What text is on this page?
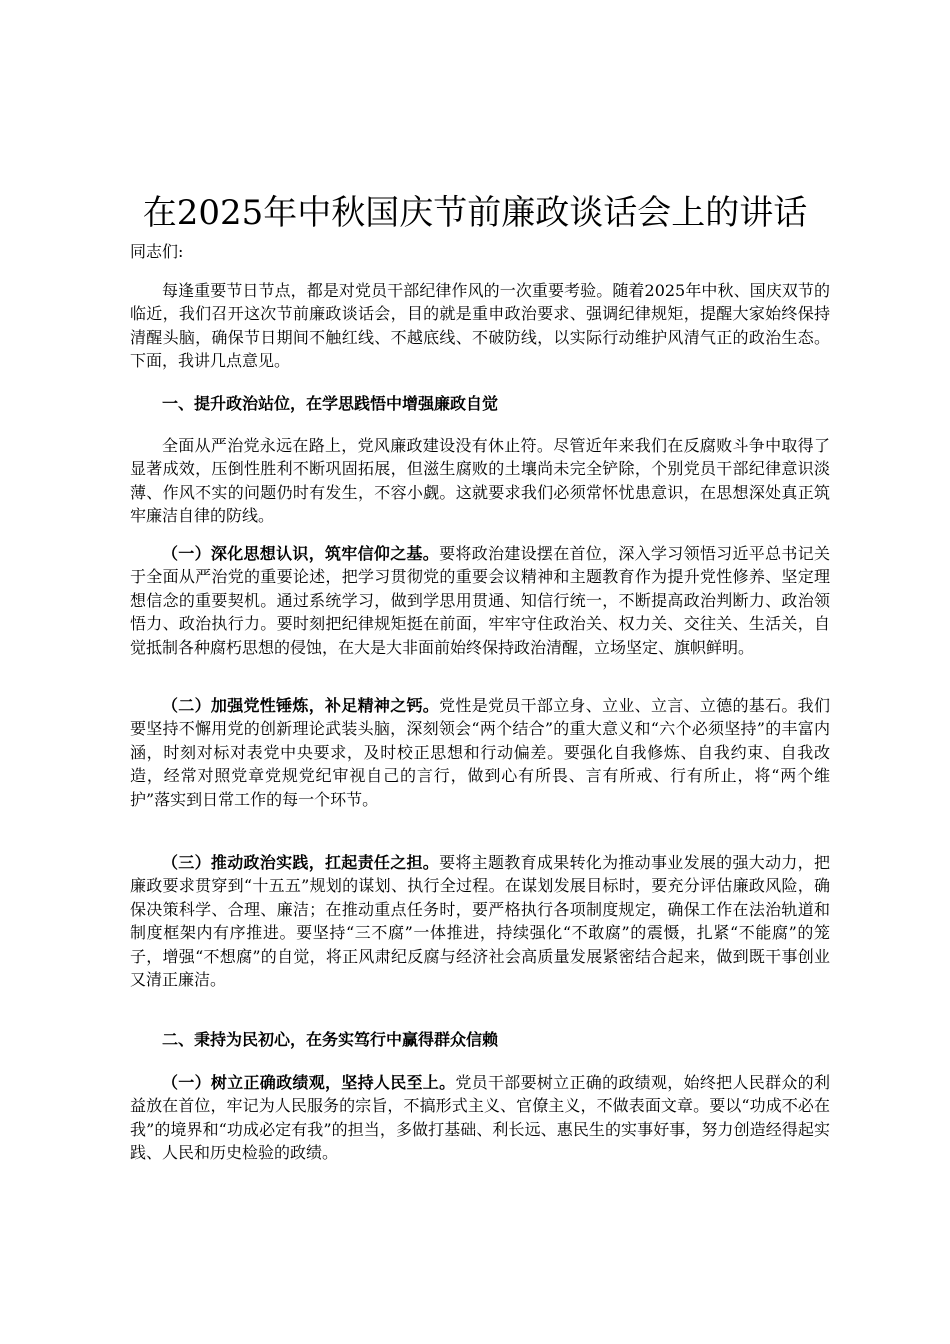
在2025年中秋国庆节前廉政谈话会上的讲话
同志们:

每逢重要节日节点，都是对党员干部纪律作风的一次重要考验。随着2025年中秋、国庆双节的临近，我们召开这次节前廉政谈话会，目的就是重申政治要求、强调纪律规矩，提醒大家始终保持清醒头脑，确保节日期间不触红线、不越底线、不破防线，以实际行动维护风清气正的政治生态。下面，我讲几点意见。

一、提升政治站位，在学思践悟中增强廉政自觉

全面从严治党永远在路上，党风廉政建设没有休止符。尽管近年来我们在反腐败斗争中取得了显著成效，压倒性胜利不断巩固拓展，但滋生腐败的土壤尚未完全铲除，个别党员干部纪律意识淡薄、作风不实的问题仍时有发生，不容小觑。这就要求我们必须常怀忧患意识，在思想深处真正筑牢廉洁自律的防线。

（一）深化思想认识，筑牢信仰之基。要将政治建设摆在首位，深入学习领悟习近平总书记关于全面从严治党的重要论述，把学习贯彻党的重要会议精神和主题教育作为提升党性修养、坚定理想信念的重要契机。通过系统学习，做到学思用贯通、知信行统一，不断提高政治判断力、政治领悟力、政治执行力。要时刻把纪律规矩挺在前面，牢牢守住政治关、权力关、交往关、生活关，自觉抵制各种腐朽思想的侵蚀，在大是大非面前始终保持政治清醒，立场坚定、旗帜鲜明。

（二）加强党性锤炼，补足精神之钙。党性是党员干部立身、立业、立言、立德的基石。我们要坚持不懈用党的创新理论武装头脑，深刻领会“两个结合”的重大意义和“六个必须坚持”的丰富内涵，时刻对标对表党中央要求，及时校正思想和行动偏差。要强化自我修炼、自我约束、自我改造，经常对照党章党规党纪审视自己的言行，做到心有所畏、言有所戒、行有所止，将“两个维护”落实到日常工作的每一个环节。

（三）推动政治实践，扛起责任之担。要将主题教育成果转化为推动事业发展的强大动力，把廉政要求贯穿到“十五五”规划的谋划、执行全过程。在谋划发展目标时，要充分评估廉政风险，确保决策科学、合理、廉洁；在推动重点任务时，要严格执行各项制度规定，确保工作在法治轨道和制度框架内有序推进。要坚持“三不腐”一体推进，持续强化“不敢腐”的震慑，扎紧“不能腐”的笼子，增强“不想腐”的自觉，将正风肃纪反腐与经济社会高质量发展紧密结合起来，做到既干事创业又清正廉洁。

二、秉持为民初心，在务实笃行中赢得群众信赖

（一）树立正确政绩观，坚持人民至上。党员干部要树立正确的政绩观，始终把人民群众的利益放在首位，牢记为人民服务的宗旨，不搞形式主义、官僚主义，不做表面文章。要以“功成不必在我”的境界和“功成必定有我”的担当，多做打基础、利长远、惠民生的实事好事，努力创造经得起实践、人民和历史检验的政绩。
